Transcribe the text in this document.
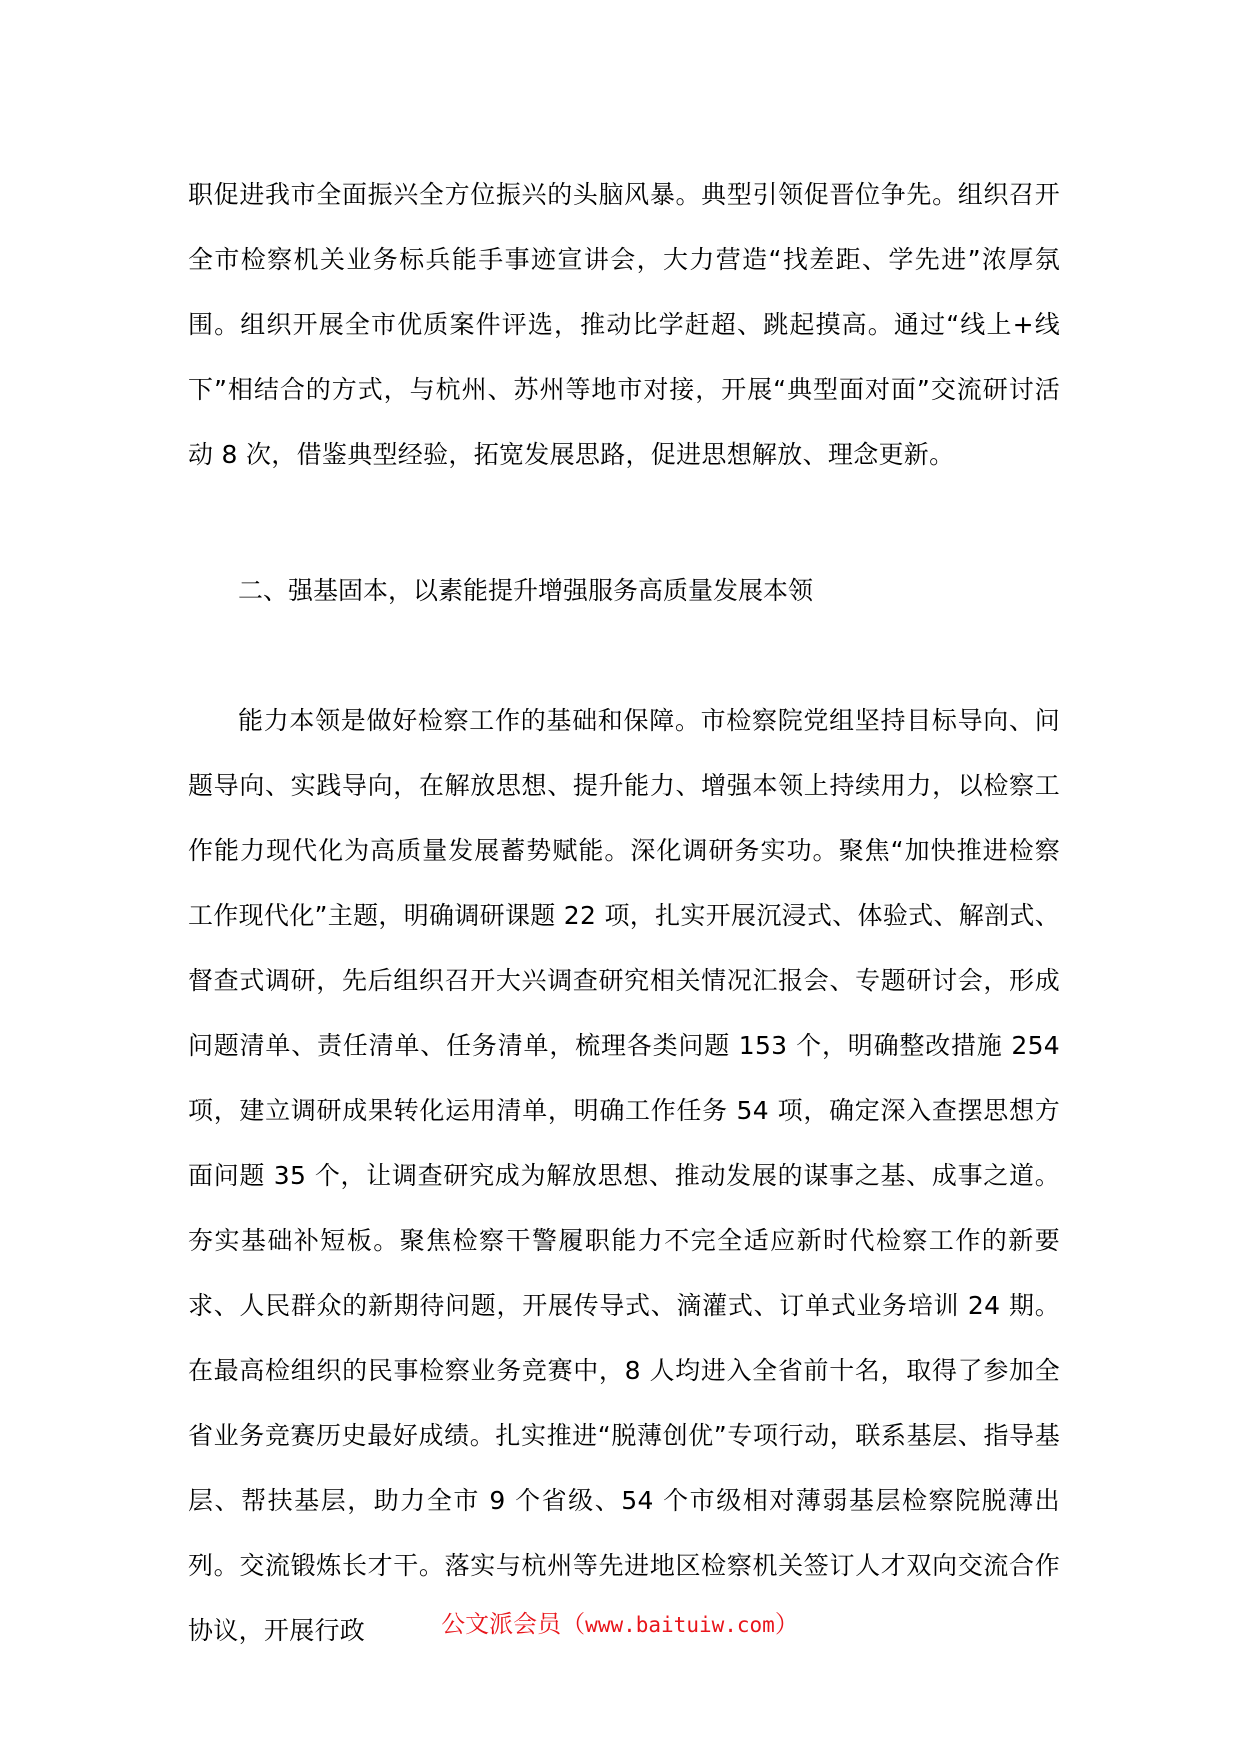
职促进我市全面振兴全方位振兴的头脑风暴。典型引领促晋位争先。组织召开全市检察机关业务标兵能手事迹宣讲会，大力营造“找差距、学先进”浓厚氛围。组织开展全市优质案件评选，推动比学赶超、跳起摸高。通过“线上+线下”相结合的方式，与杭州、苏州等地市对接，开展“典型面对面”交流研讨活动 8 次，借鉴典型经验，拓宽发展思路，促进思想解放、理念更新。

二、强基固本，以素能提升增强服务高质量发展本领

能力本领是做好检察工作的基础和保障。市检察院党组坚持目标导向、问题导向、实践导向，在解放思想、提升能力、增强本领上持续用力，以检察工作能力现代化为高质量发展蓄势赋能。深化调研务实功。聚焦“加快推进检察工作现代化”主题，明确调研课题 22 项，扎实开展沉浸式、体验式、解剖式、督查式调研，先后组织召开大兴调查研究相关情况汇报会、专题研讨会，形成问题清单、责任清单、任务清单，梳理各类问题 153 个，明确整改措施 254 项，建立调研成果转化运用清单，明确工作任务 54 项，确定深入查摆思想方面问题 35 个，让调查研究成为解放思想、推动发展的谋事之基、成事之道。夯实基础补短板。聚焦检察干警履职能力不完全适应新时代检察工作的新要求、人民群众的新期待问题，开展传导式、滴灌式、订单式业务培训 24 期。在最高检组织的民事检察业务竞赛中，8 人均进入全省前十名，取得了参加全省业务竞赛历史最好成绩。扎实推进“脱薄创优”专项行动，联系基层、指导基层、帮扶基层，助力全市 9 个省级、54 个市级相对薄弱基层检察院脱薄出列。交流锻炼长才干。落实与杭州等先进地区检察机关签订人才双向交流合作协议，开展行政	公文派会员（www.baituiw.com）
